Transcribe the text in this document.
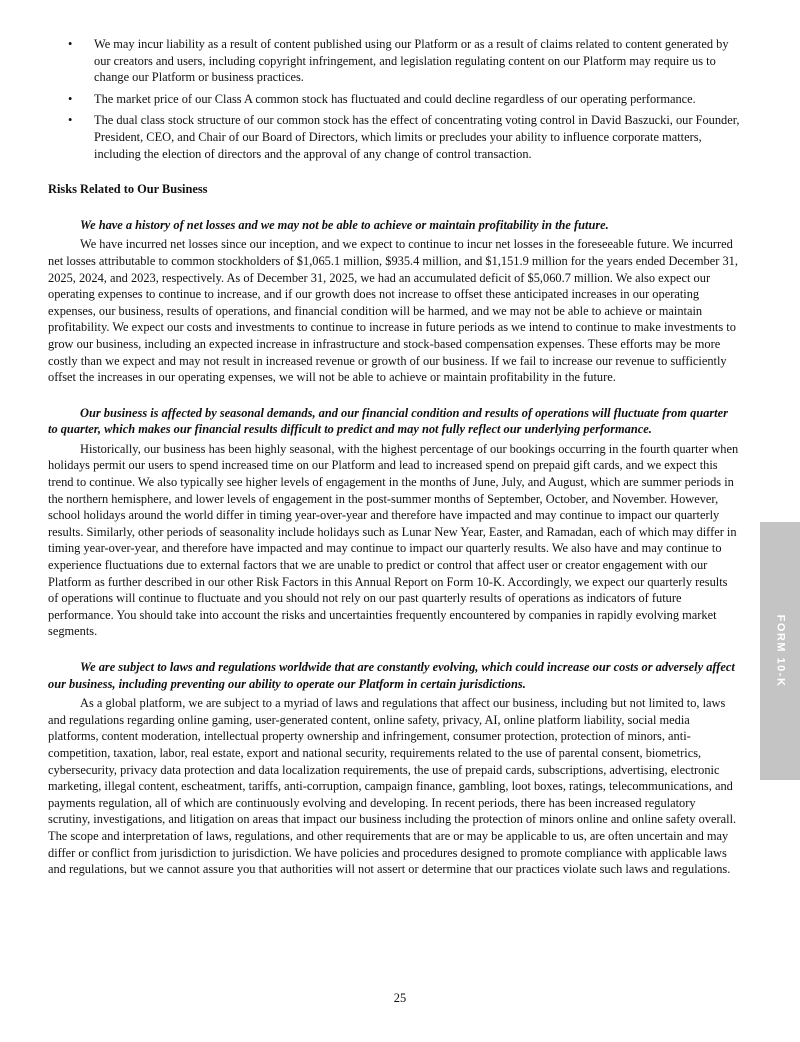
• We may incur liability as a result of content published using our Platform or as a result of claims related to content generated by our creators and users, including copyright infringement, and legislation regulating content on our Platform may require us to change our Platform or business practices.
• The market price of our Class A common stock has fluctuated and could decline regardless of our operating performance.
• The dual class stock structure of our common stock has the effect of concentrating voting control in David Baszucki, our Founder, President, CEO, and Chair of our Board of Directors, which limits or precludes your ability to influence corporate matters, including the election of directors and the approval of any change of control transaction.

Risks Related to Our Business

We have a history of net losses and we may not be able to achieve or maintain profitability in the future.

We have incurred net losses since our inception, and we expect to continue to incur net losses in the foreseeable future. We incurred net losses attributable to common stockholders of $1,065.1 million, $935.4 million, and $1,151.9 million for the years ended December 31, 2025, 2024, and 2023, respectively. As of December 31, 2025, we had an accumulated deficit of $5,060.7 million. We also expect our operating expenses to continue to increase, and if our growth does not increase to offset these anticipated increases in our operating expenses, our business, results of operations, and financial condition will be harmed, and we may not be able to achieve or maintain profitability. We expect our costs and investments to continue to increase in future periods as we intend to continue to make investments to grow our business, including an expected increase in infrastructure and stock-based compensation expenses. These efforts may be more costly than we expect and may not result in increased revenue or growth of our business. If we fail to increase our revenue to sufficiently offset the increases in our operating expenses, we will not be able to achieve or maintain profitability in the future.

Our business is affected by seasonal demands, and our financial condition and results of operations will fluctuate from quarter to quarter, which makes our financial results difficult to predict and may not fully reflect our underlying performance.

Historically, our business has been highly seasonal, with the highest percentage of our bookings occurring in the fourth quarter when holidays permit our users to spend increased time on our Platform and lead to increased spend on prepaid gift cards, and we expect this trend to continue. We also typically see higher levels of engagement in the months of June, July, and August, which are summer periods in the northern hemisphere, and lower levels of engagement in the post-summer months of September, October, and November. However, school holidays around the world differ in timing year-over-year and therefore have impacted and may continue to impact our quarterly results. Similarly, other periods of seasonality include holidays such as Lunar New Year, Easter, and Ramadan, each of which may differ in timing year-over-year, and therefore have impacted and may continue to impact our quarterly results. We also have and may continue to experience fluctuations due to external factors that we are unable to predict or control that affect user or creator engagement with our Platform as further described in our other Risk Factors in this Annual Report on Form 10-K. Accordingly, we expect our quarterly results of operations will continue to fluctuate and you should not rely on our past quarterly results of operations as indicators of future performance. You should take into account the risks and uncertainties frequently encountered by companies in rapidly evolving market segments.

We are subject to laws and regulations worldwide that are constantly evolving, which could increase our costs or adversely affect our business, including preventing our ability to operate our Platform in certain jurisdictions.

As a global platform, we are subject to a myriad of laws and regulations that affect our business, including but not limited to, laws and regulations regarding online gaming, user-generated content, online safety, privacy, AI, online platform liability, social media platforms, content moderation, intellectual property ownership and infringement, consumer protection, protection of minors, anti-competition, taxation, labor, real estate, export and national security, requirements related to the use of parental consent, biometrics, cybersecurity, privacy data protection and data localization requirements, the use of prepaid cards, subscriptions, advertising, electronic marketing, illegal content, escheatment, tariffs, anti-corruption, campaign finance, gambling, loot boxes, ratings, telecommunications, and payments regulation, all of which are continuously evolving and developing. In recent periods, there has been increased regulatory scrutiny, investigations, and litigation on areas that impact our business including the protection of minors online and online safety overall. The scope and interpretation of laws, regulations, and other requirements that are or may be applicable to us, are often uncertain and may differ or conflict from jurisdiction to jurisdiction. We have policies and procedures designed to promote compliance with applicable laws and regulations, but we cannot assure you that authorities will not assert or determine that our practices violate such laws and regulations.

25
FORM 10-K
